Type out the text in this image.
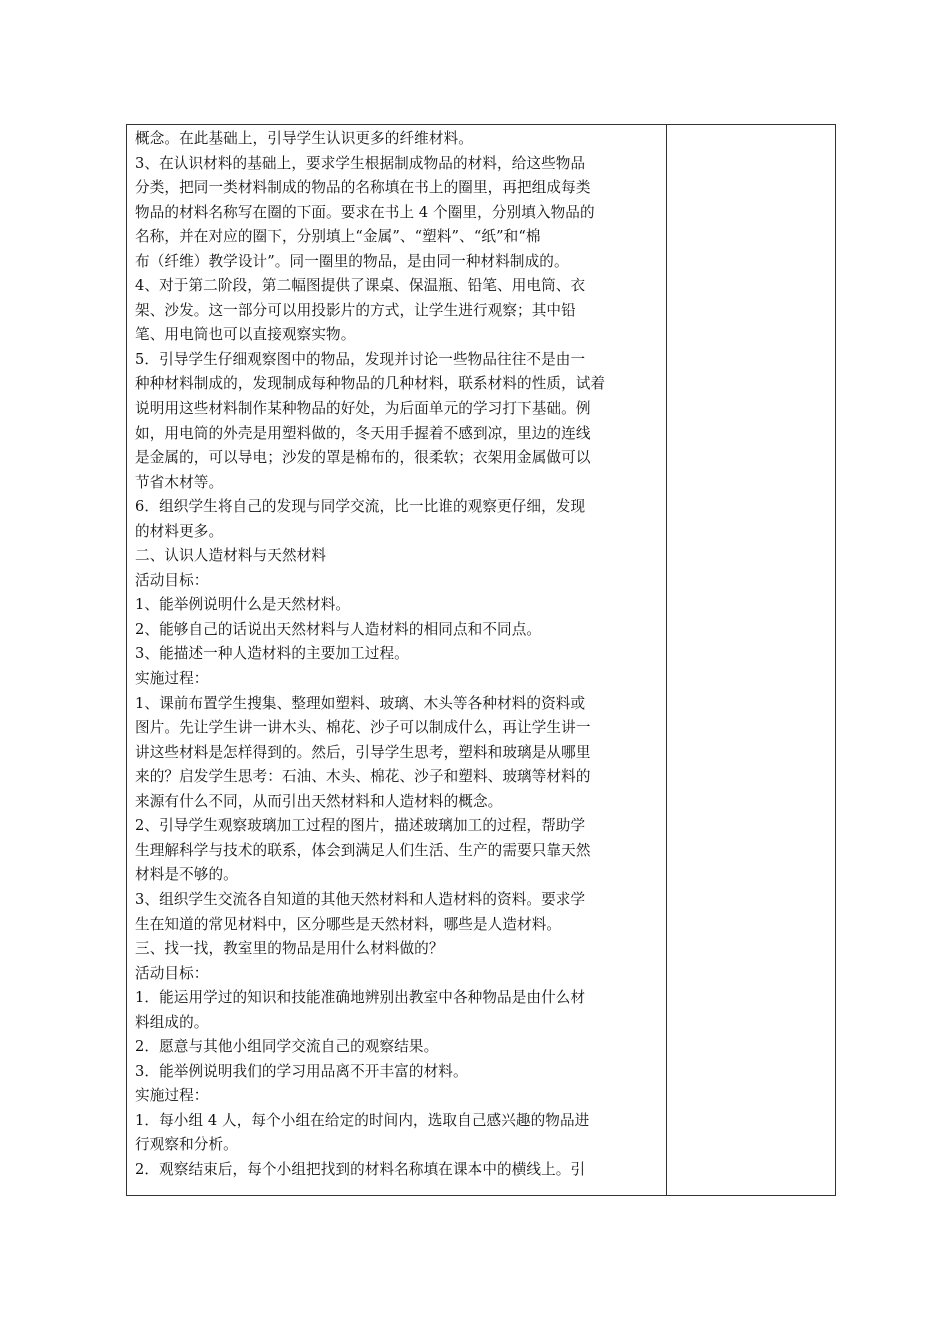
概念。在此基础上，引导学生认识更多的纤维材料。
3、在认识材料的基础上，要求学生根据制成物品的材料，给这些物品
分类，把同一类材料制成的物品的名称填在书上的圈里，再把组成每类
物品的材料名称写在圈的下面。要求在书上 4 个圈里，分别填入物品的
名称，并在对应的圈下，分别填上“金属”、“塑料”、“纸”和“棉
布（纤维）教学设计”。同一圈里的物品，是由同一种材料制成的。
4、对于第二阶段，第二幅图提供了课桌、保温瓶、铅笔、用电筒、衣
架、沙发。这一部分可以用投影片的方式，让学生进行观察；其中铅
笔、用电筒也可以直接观察实物。
5．引导学生仔细观察图中的物品，发现并讨论一些物品往往不是由一
种种材料制成的，发现制成每种物品的几种材料，联系材料的性质，试着
说明用这些材料制作某种物品的好处，为后面单元的学习打下基础。例
如，用电筒的外壳是用塑料做的，冬天用手握着不感到凉，里边的连线
是金属的，可以导电；沙发的罩是棉布的，很柔软；衣架用金属做可以
节省木材等。
6．组织学生将自己的发现与同学交流，比一比谁的观察更仔细，发现
的材料更多。
二、认识人造材料与天然材料
活动目标：
1、能举例说明什么是天然材料。
2、能够自己的话说出天然材料与人造材料的相同点和不同点。
3、能描述一种人造材料的主要加工过程。
实施过程：
1、课前布置学生搜集、整理如塑料、玻璃、木头等各种材料的资料或
图片。先让学生讲一讲木头、棉花、沙子可以制成什么，再让学生讲一
讲这些材料是怎样得到的。然后，引导学生思考，塑料和玻璃是从哪里
来的？启发学生思考：石油、木头、棉花、沙子和塑料、玻璃等材料的
来源有什么不同，从而引出天然材料和人造材料的概念。
2、引导学生观察玻璃加工过程的图片，描述玻璃加工的过程，帮助学
生理解科学与技术的联系，体会到满足人们生活、生产的需要只靠天然
材料是不够的。
3、组织学生交流各自知道的其他天然材料和人造材料的资料。要求学
生在知道的常见材料中，区分哪些是天然材料，哪些是人造材料。
三、找一找，教室里的物品是用什么材料做的？
活动目标：
1．能运用学过的知识和技能准确地辨别出教室中各种物品是由什么材
料组成的。
2．愿意与其他小组同学交流自己的观察结果。
3．能举例说明我们的学习用品离不开丰富的材料。
实施过程：
1．每小组 4 人，每个小组在给定的时间内，选取自己感兴趣的物品进
行观察和分析。
2．观察结束后，每个小组把找到的材料名称填在课本中的横线上。引
